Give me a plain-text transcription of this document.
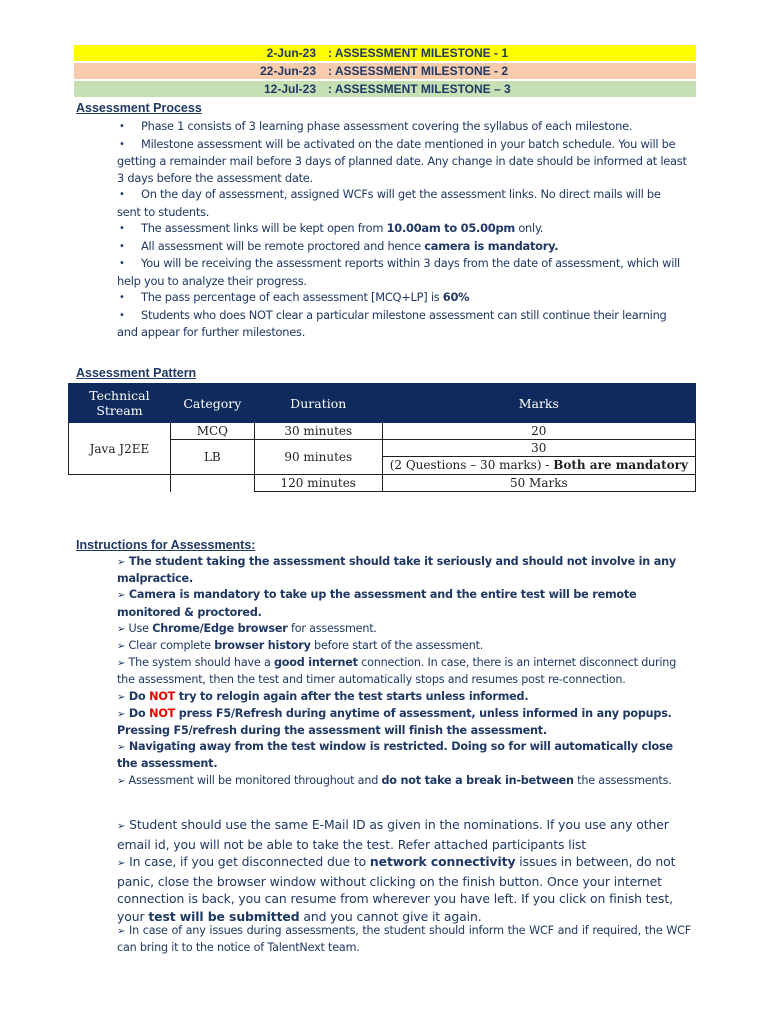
2-Jun-23 : ASSESSMENT MILESTONE - 1
22-Jun-23 : ASSESSMENT MILESTONE - 2
12-Jul-23 : ASSESSMENT MILESTONE – 3
Assessment Process
• Phase 1 consists of 3 learning phase assessment covering the syllabus of each milestone.
• Milestone assessment will be activated on the date mentioned in your batch schedule. You will be getting a remainder mail before 3 days of planned date. Any change in date should be informed at least 3 days before the assessment date.
• On the day of assessment, assigned WCFs will get the assessment links. No direct mails will be sent to students.
• The assessment links will be kept open from 10.00am to 05.00pm only.
• All assessment will be remote proctored and hence camera is mandatory.
• You will be receiving the assessment reports within 3 days from the date of assessment, which will help you to analyze their progress.
• The pass percentage of each assessment [MCQ+LP] is 60%
• Students who does NOT clear a particular milestone assessment can still continue their learning and appear for further milestones.
Assessment Pattern
Technical Stream	Category	Duration	Marks
Java J2EE	MCQ	30 minutes	20
	LB	90 minutes	30
			(2 Questions – 30 marks) - Both are mandatory

		120 minutes	50 Marks
Instructions for Assessments:
➢ The student taking the assessment should take it seriously and should not involve in any malpractice.
➢ Camera is mandatory to take up the assessment and the entire test will be remote monitored & proctored.
➢ Use Chrome/Edge browser for assessment.
➢ Clear complete browser history before start of the assessment.
➢ The system should have a good internet connection. In case, there is an internet disconnect during the assessment, then the test and timer automatically stops and resumes post re-connection.
➢ Do NOT try to relogin again after the test starts unless informed.
➢ Do NOT press F5/Refresh during anytime of assessment, unless informed in any popups. Pressing F5/refresh during the assessment will finish the assessment.
➢ Navigating away from the test window is restricted. Doing so for will automatically close the assessment.
➢ Assessment will be monitored throughout and do not take a break in-between the assessments.
➢ Student should use the same E-Mail ID as given in the nominations. If you use any other email id, you will not be able to take the test. Refer attached participants list
➢ In case, if you get disconnected due to network connectivity issues in between, do not panic, close the browser window without clicking on the finish button. Once your internet connection is back, you can resume from wherever you have left. If you click on finish test, your test will be submitted and you cannot give it again.
➢ In case of any issues during assessments, the student should inform the WCF and if required, the WCF can bring it to the notice of TalentNext team.
